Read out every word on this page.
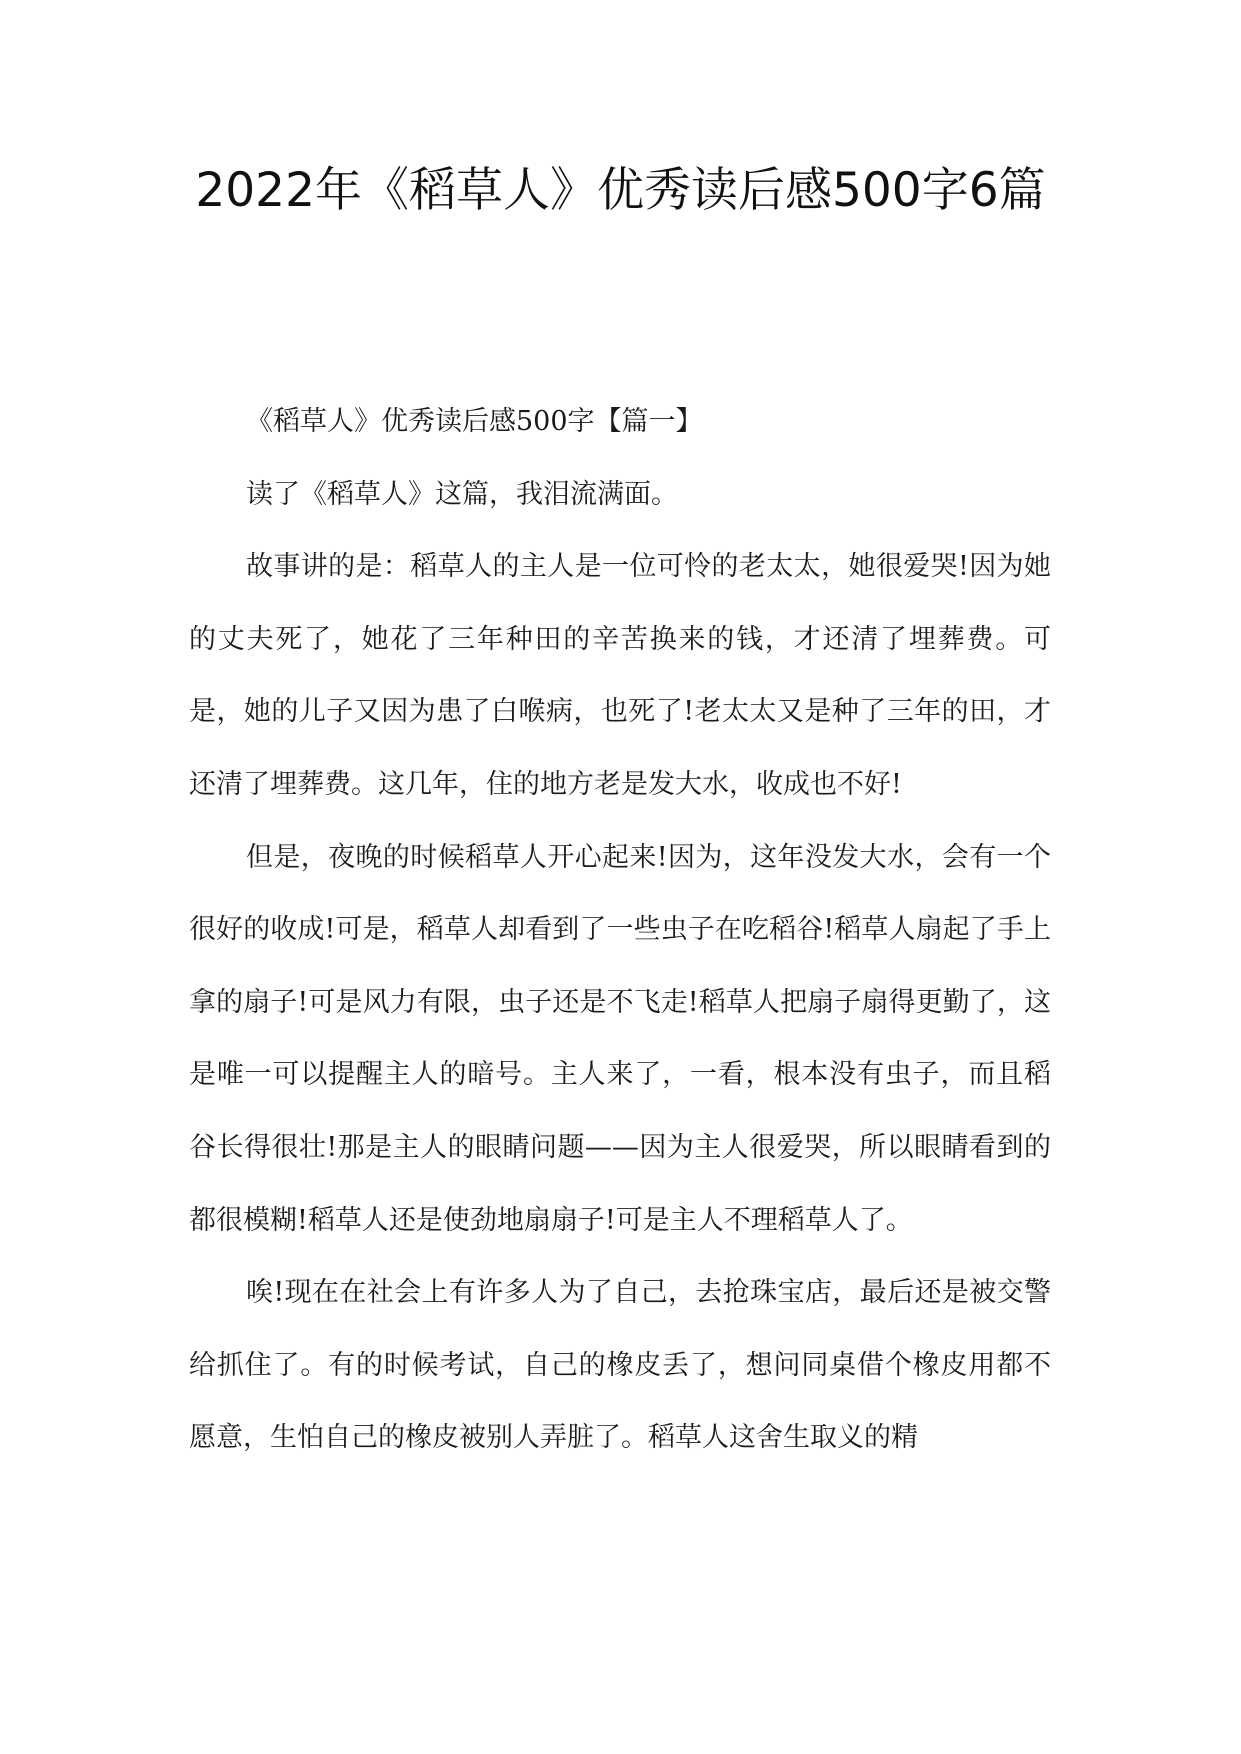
2022年《稻草人》优秀读后感500字6篇

《稻草人》优秀读后感500字【篇一】

读了《稻草人》这篇，我泪流满面。

故事讲的是：稻草人的主人是一位可怜的老太太，她很爱哭!因为她的丈夫死了，她花了三年种田的辛苦换来的钱，才还清了埋葬费。可是，她的儿子又因为患了白喉病，也死了!老太太又是种了三年的田，才还清了埋葬费。这几年，住的地方老是发大水，收成也不好!

但是，夜晚的时候稻草人开心起来!因为，这年没发大水，会有一个很好的收成!可是，稻草人却看到了一些虫子在吃稻谷!稻草人扇起了手上拿的扇子!可是风力有限，虫子还是不飞走!稻草人把扇子扇得更勤了，这是唯一可以提醒主人的暗号。主人来了，一看，根本没有虫子，而且稻谷长得很壮!那是主人的眼睛问题——因为主人很爱哭，所以眼睛看到的都很模糊!稻草人还是使劲地扇扇子!可是主人不理稻草人了。

唉!现在在社会上有许多人为了自己，去抢珠宝店，最后还是被交警给抓住了。有的时候考试，自己的橡皮丢了，想问同桌借个橡皮用都不愿意，生怕自己的橡皮被别人弄脏了。稻草人这舍生取义的精
